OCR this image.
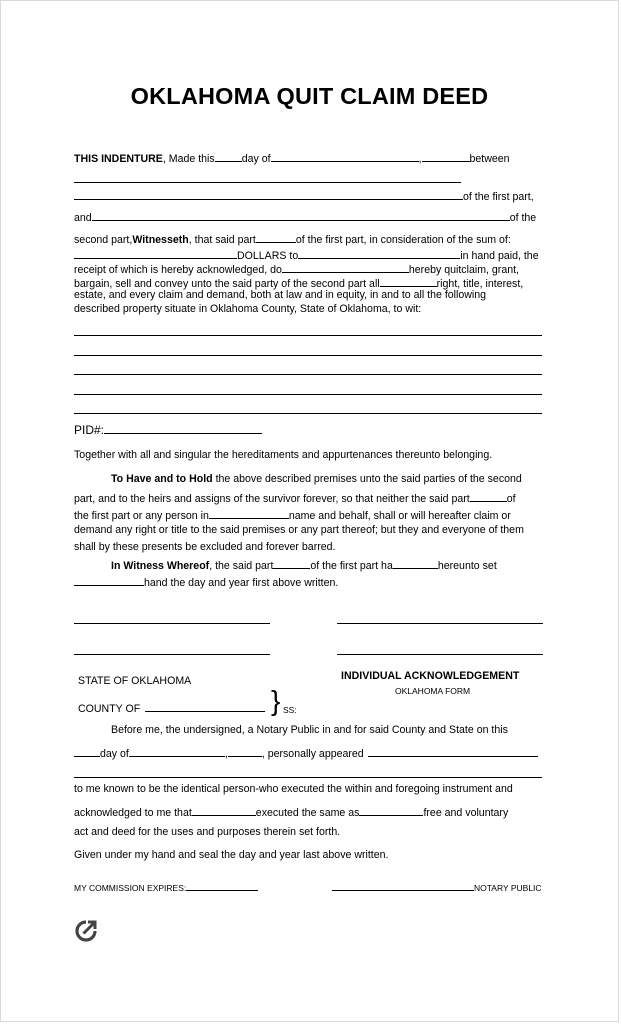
OKLAHOMA QUIT CLAIM DEED
THIS INDENTURE, Made this	day of	,	between
of the first part,
and	of the
second part,Witnesseth, that said part	of the first part, in consideration of the sum of:
DOLLARS to	in hand paid, the
receipt of which is hereby acknowledged, do	hereby quitclaim, grant,
bargain, sell and convey unto the said party of the second part all	right, title, interest,
estate, and every claim and demand, both at law and in equity, in and to all the following
described property situate in Oklahoma County, State of Oklahoma, to wit:
PID#:
Together with all and singular the hereditaments and appurtenances thereunto belonging.
To Have and to Hold the above described premises unto the said parties of the second
part, and to the heirs and assigns of the survivor forever, so that neither the said part	of
the first part or any person in	name and behalf, shall or will hereafter claim or
demand any right or title to the said premises or any part thereof; but they and everyone of them
shall by these presents be excluded and forever barred.
In Witness Whereof, the said part	of the first part ha	hereunto set
hand the day and year first above written.
STATE OF OKLAHOMA	INDIVIDUAL ACKNOWLEDGEMENT
OKLAHOMA FORM
COUNTY OF	} SS:
Before me, the undersigned, a Notary Public in and for said County and State on this
day of	,	, personally appeared
to me known to be the identical person-who executed the within and foregoing instrument and
acknowledged to me that	executed the same as	free and voluntary
act and deed for the uses and purposes therein set forth.
Given under my hand and seal the day and year last above written.
MY COMMISSION EXPIRES:	NOTARY PUBLIC
